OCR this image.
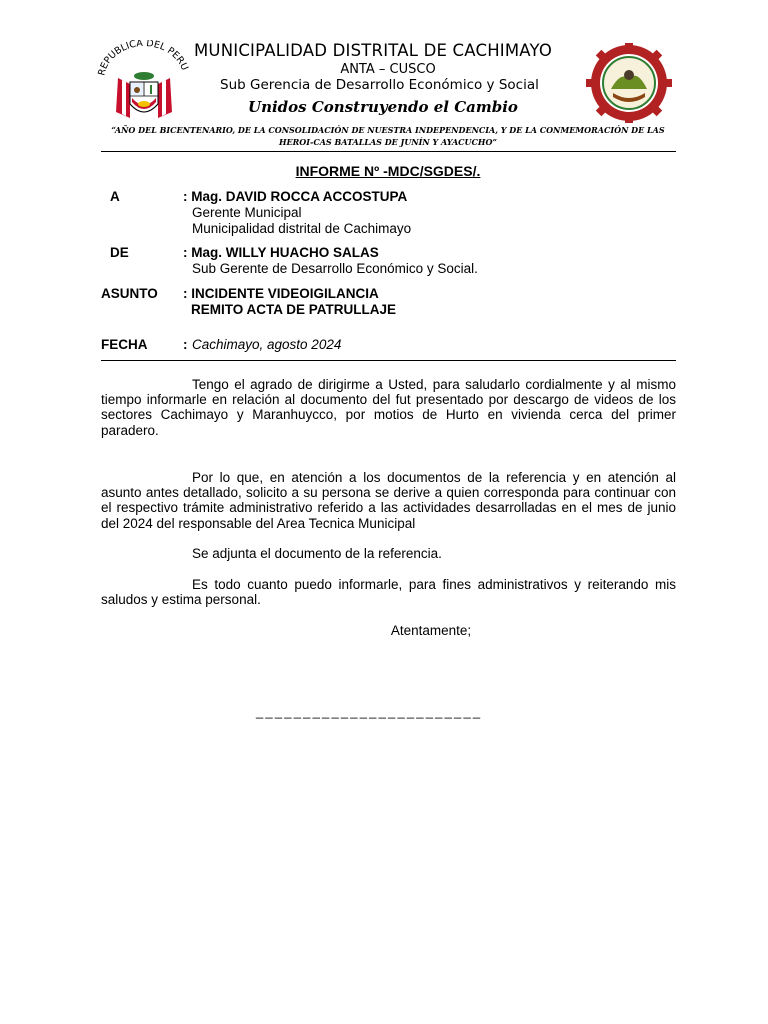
REPUBLICA DEL PERU
MUNICIPALIDAD DISTRITAL DE CACHIMAYO
ANTA – CUSCO
Sub Gerencia de Desarrollo Económico y Social
Unidos Construyendo el Cambio
“AÑO DEL BICENTENARIO, DE LA CONSOLIDACIÓN DE NUESTRA INDEPENDENCIA, Y DE LA CONMEMORACIÓN DE LAS HEROI-CAS BATALLAS DE JUNÍN Y AYACUCHO”
INFORME Nº -MDC/SGDES/.
A	: Mag. DAVID ROCCA ACCOSTUPA
Gerente Municipal
Municipalidad distrital de Cachimayo
DE	: Mag. WILLY HUACHO SALAS
Sub Gerente de Desarrollo Económico y Social.
ASUNTO : INCIDENTE VIDEOIGILANCIA
REMITO ACTA DE PATRULLAJE
FECHA	: Cachimayo, agosto 2024
Tengo el agrado de dirigirme a Usted, para saludarlo cordialmente y al mismo tiempo informarle en relación al documento del fut presentado por descargo de videos de los sectores Cachimayo y Maranhuycco, por motios de Hurto en vivienda cerca del primer paradero.
Por lo que, en atención a los documentos de la referencia y en atención al asunto antes detallado, solicito a su persona se derive a quien corresponda para continuar con el respectivo trámite administrativo referido a las actividades desarrolladas en el mes de junio del 2024 del responsable del Area Tecnica Municipal
Se adjunta el documento de la referencia.
Es todo cuanto puedo informarle, para fines administrativos y reiterando mis saludos y estima personal.
Atentamente;
________________________
